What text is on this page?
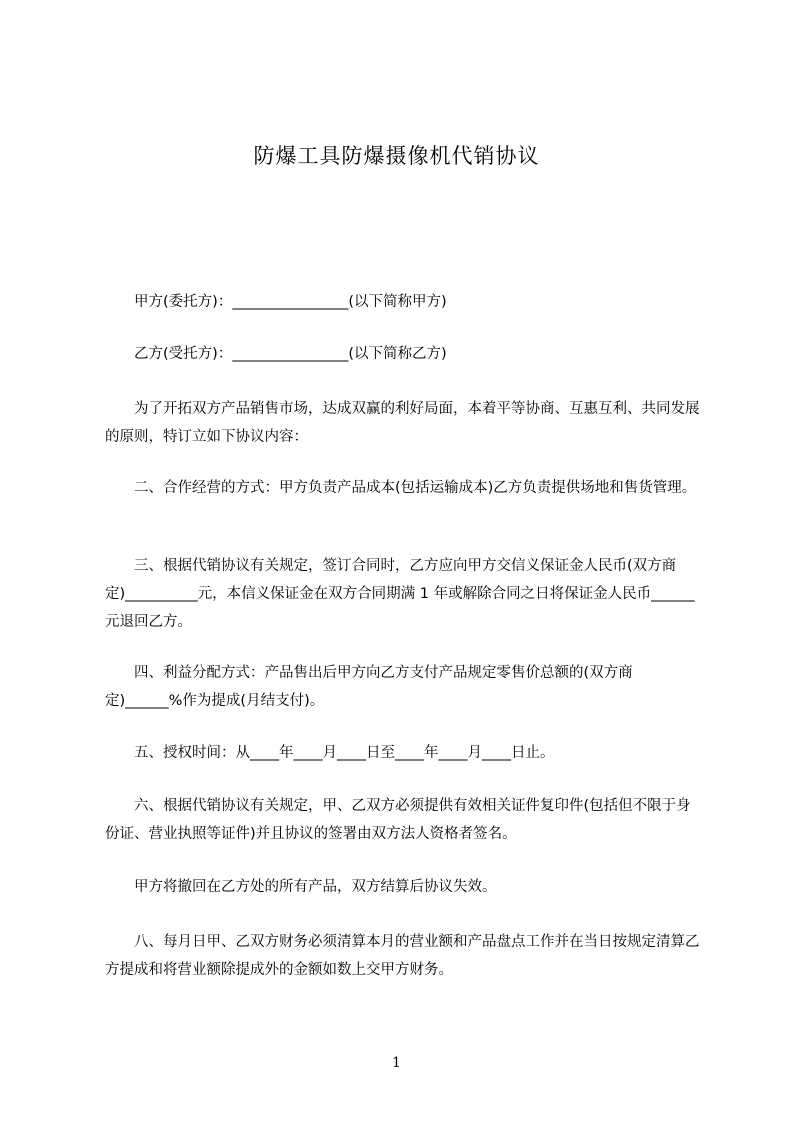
防爆工具防爆摄像机代销协议
　　甲方(委托方)：________________(以下简称甲方)
　　乙方(受托方)：________________(以下简称乙方)
　　为了开拓双方产品销售市场，达成双赢的利好局面，本着平等协商、互惠互利、共同发展的原则，特订立如下协议内容：
　　二、合作经营的方式：甲方负责产品成本(包括运输成本)乙方负责提供场地和售货管理。
　　三、根据代销协议有关规定，签订合同时，乙方应向甲方交信义保证金人民币(双方商定)__________元，本信义保证金在双方合同期满 1 年或解除合同之日将保证金人民币______元退回乙方。
　　四、利益分配方式：产品售出后甲方向乙方支付产品规定零售价总额的(双方商定)______%作为提成(月结支付)。
　　五、授权时间：从____年____月____日至____年____月____日止。
　　六、根据代销协议有关规定，甲、乙双方必须提供有效相关证件复印件(包括但不限于身份证、营业执照等证件)并且协议的签署由双方法人资格者签名。
　　甲方将撤回在乙方处的所有产品，双方结算后协议失效。
　　八、每月日甲、乙双方财务必须清算本月的营业额和产品盘点工作并在当日按规定清算乙方提成和将营业额除提成外的金额如数上交甲方财务。
1
